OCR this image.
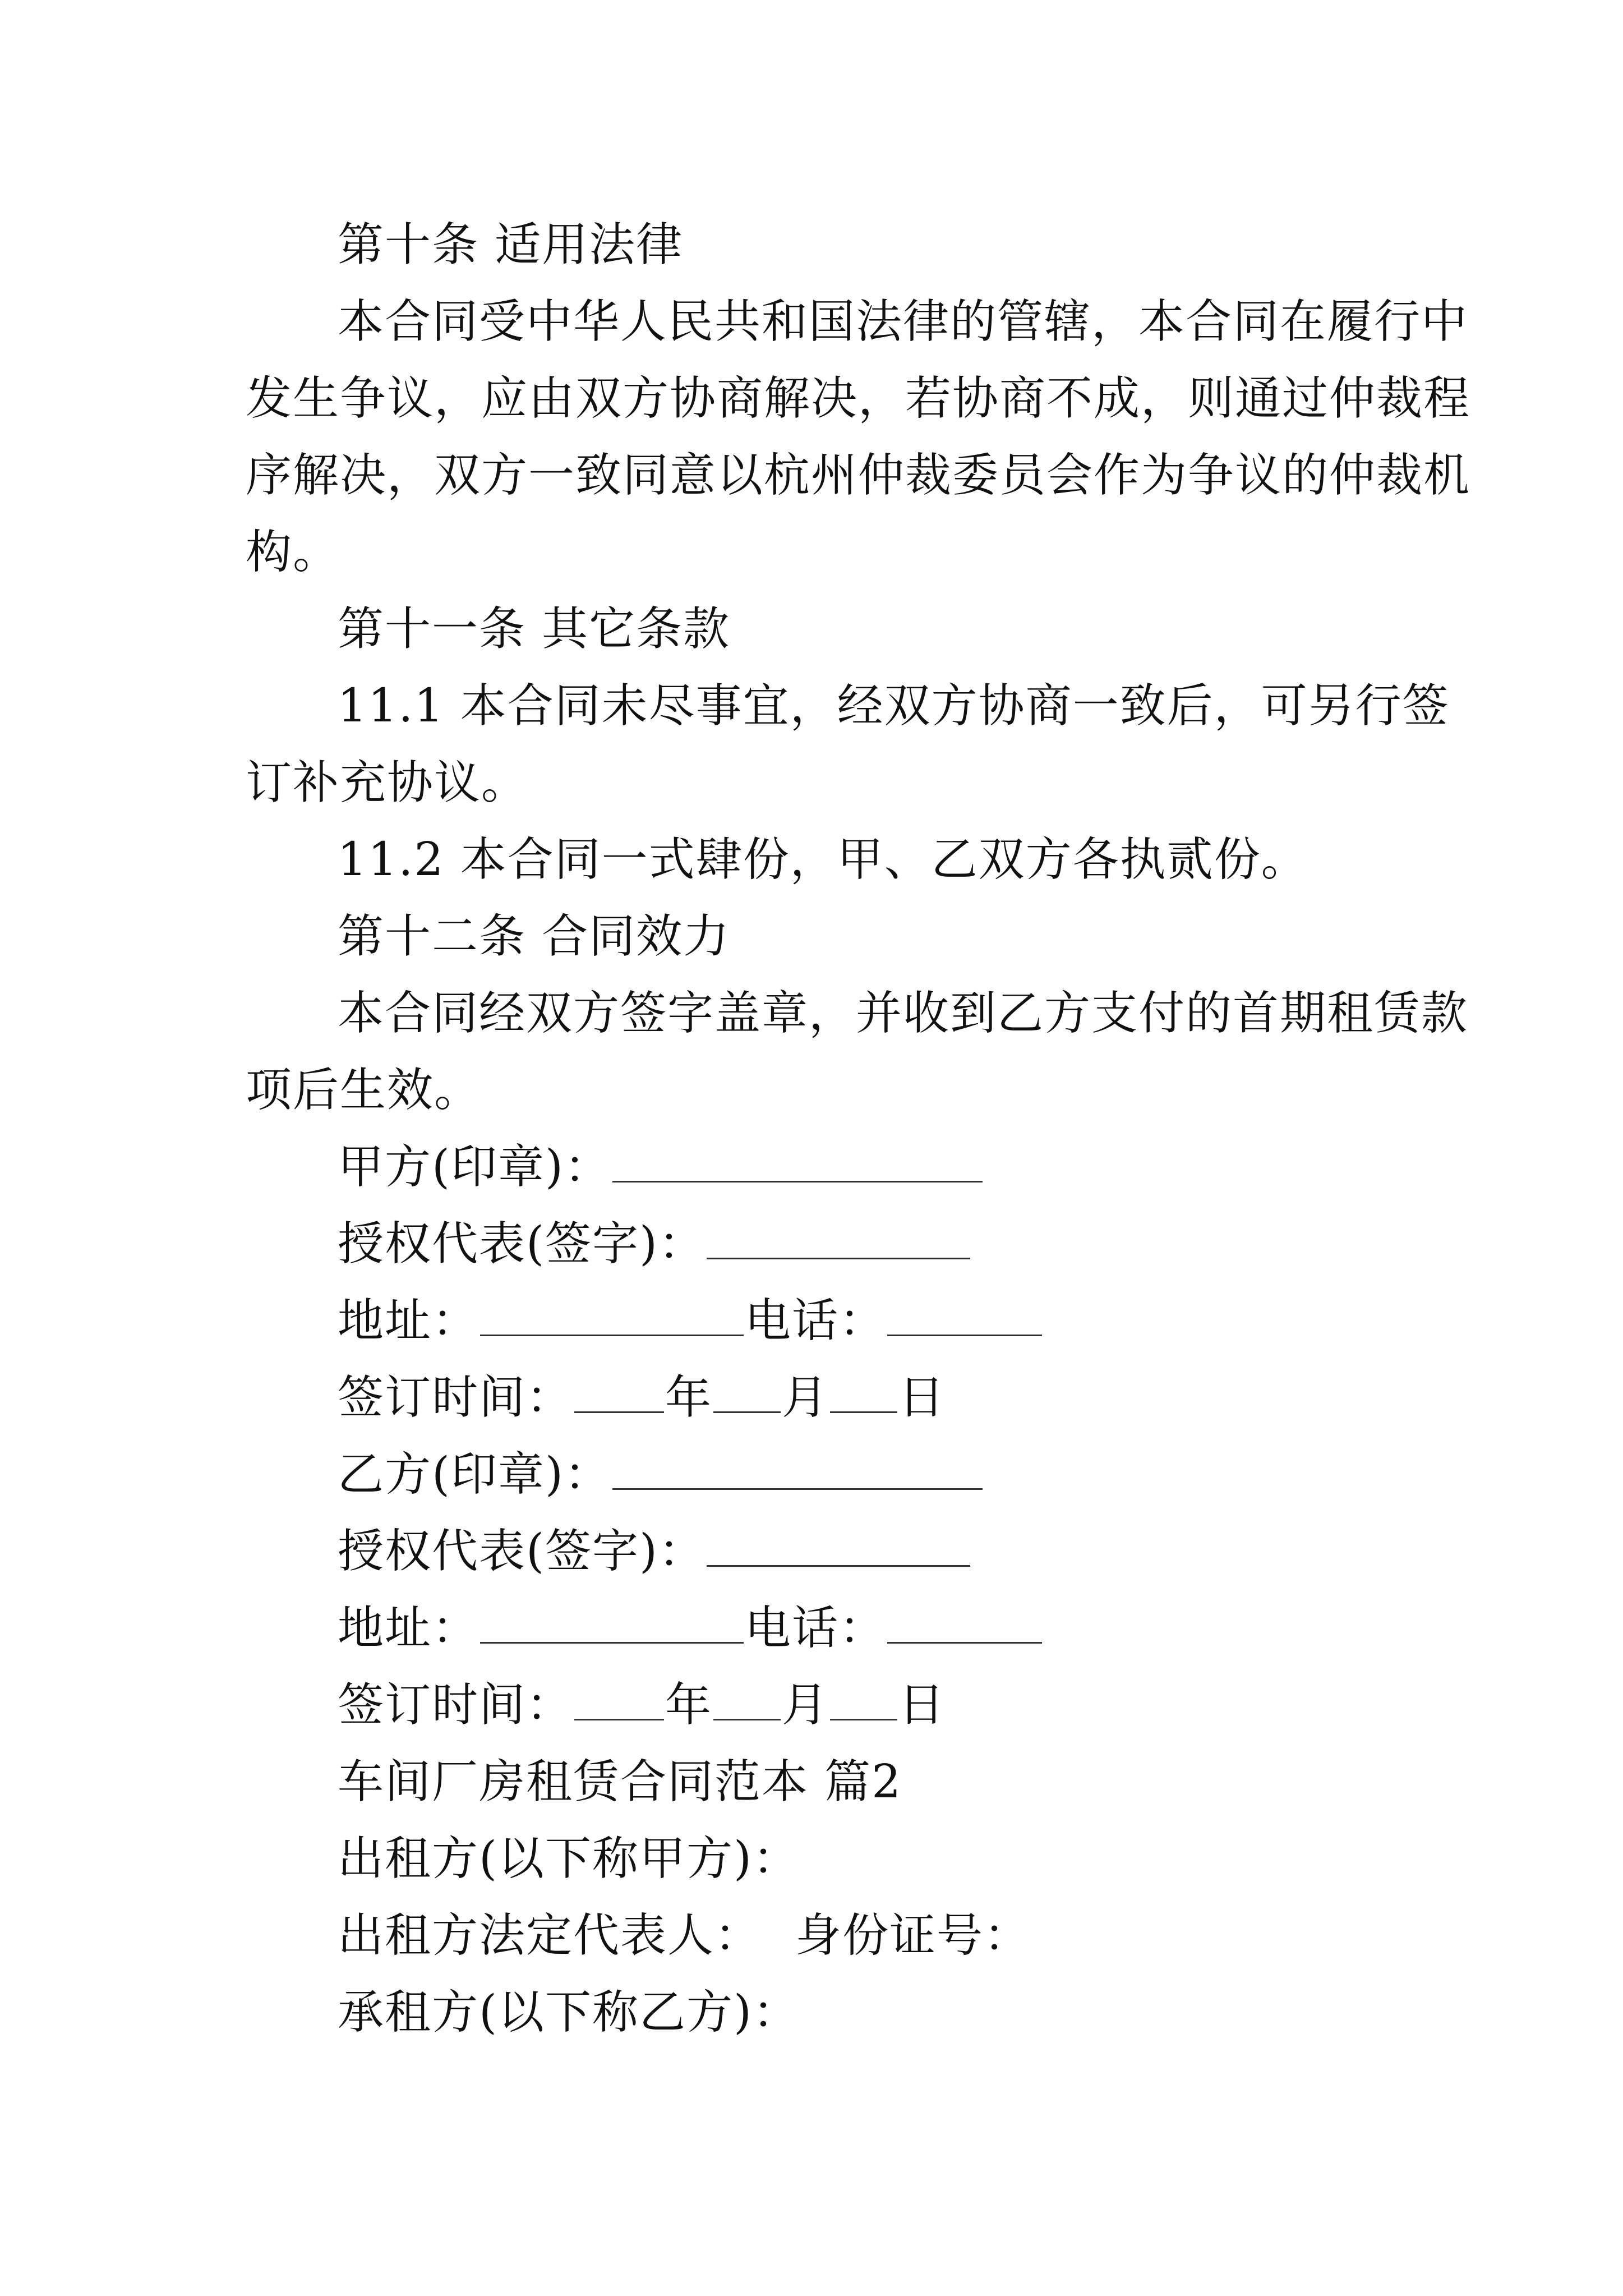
第十条 适用法律
本合同受中华人民共和国法律的管辖，本合同在履行中
发生争议，应由双方协商解决，若协商不成，则通过仲裁程
序解决，双方一致同意以杭州仲裁委员会作为争议的仲裁机
构。
第十一条 其它条款
11.1 本合同未尽事宜，经双方协商一致后，可另行签
订补充协议。
11.2 本合同一式肆份，甲、乙双方各执贰份。
第十二条 合同效力
本合同经双方签字盖章，并收到乙方支付的首期租赁款
项后生效。
甲方(印章)：
授权代表(签字)：
地址：	电话：
签订时间： 年 月 日
乙方(印章)：
授权代表(签字)：
地址：	电话：
签订时间： 年 月 日
车间厂房租赁合同范本 篇2
出租方(以下称甲方)：
出租方法定代表人： 身份证号：
承租方(以下称乙方)：
